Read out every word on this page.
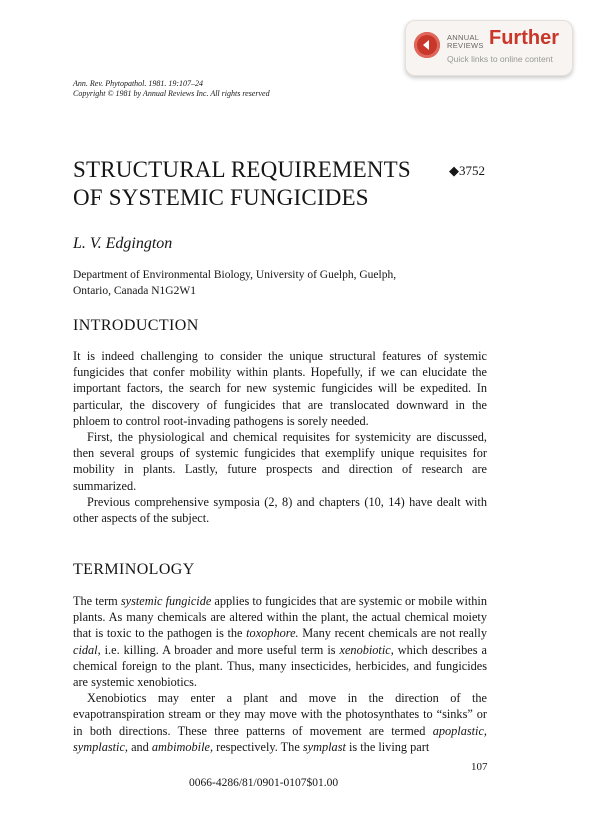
ANNUAL
REVIEWS Further
Quick links to online content
Ann. Rev. Phytopathol. 1981. 19:107–24
Copyright © 1981 by Annual Reviews Inc. All rights reserved
STRUCTURAL REQUIREMENTS
OF SYSTEMIC FUNGICIDES
◆3752
L. V. Edgington
Department of Environmental Biology, University of Guelph, Guelph,
Ontario, Canada N1G2W1
INTRODUCTION

It is indeed challenging to consider the unique structural features of systemic fungicides that confer mobility within plants. Hopefully, if we can elucidate the important factors, the search for new systemic fungicides will be expedited. In particular, the discovery of fungicides that are translocated downward in the phloem to control root-invading pathogens is sorely needed.

First, the physiological and chemical requisites for systemicity are discussed, then several groups of systemic fungicides that exemplify unique requisites for mobility in plants. Lastly, future prospects and direction of research are summarized.

Previous comprehensive symposia (2, 8) and chapters (10, 14) have dealt with other aspects of the subject.

TERMINOLOGY

The term systemic fungicide applies to fungicides that are systemic or mobile within plants. As many chemicals are altered within the plant, the actual chemical moiety that is toxic to the pathogen is the toxophore. Many recent chemicals are not really cidal, i.e. killing. A broader and more useful term is xenobiotic, which describes a chemical foreign to the plant. Thus, many insecticides, herbicides, and fungicides are systemic xenobiotics.

Xenobiotics may enter a plant and move in the direction of the evapotranspiration stream or they may move with the photosynthates to “sinks” or in both directions. These three patterns of movement are termed apoplastic, symplastic, and ambimobile, respectively. The symplast is the living part

107
0066-4286/81/0901-0107$01.00
